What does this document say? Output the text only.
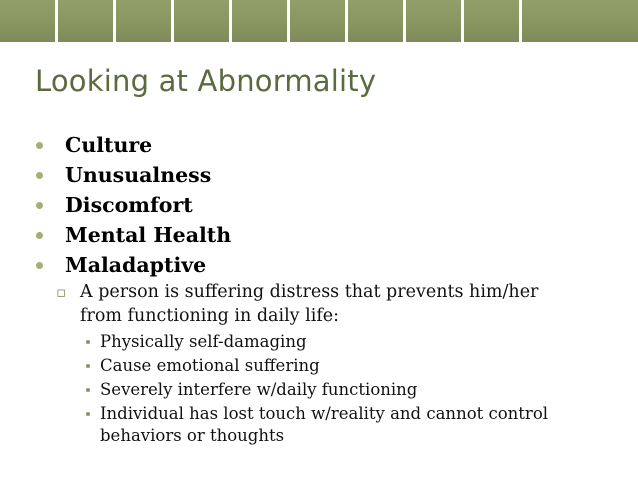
Looking at Abnormality
Culture
Unusualness
Discomfort
Mental Health
Maladaptive
▫ A person is suffering distress that prevents him/her from functioning in daily life:
Physically self-damaging
Cause emotional suffering
Severely interfere w/daily functioning
Individual has lost touch w/reality and cannot control behaviors or thoughts
